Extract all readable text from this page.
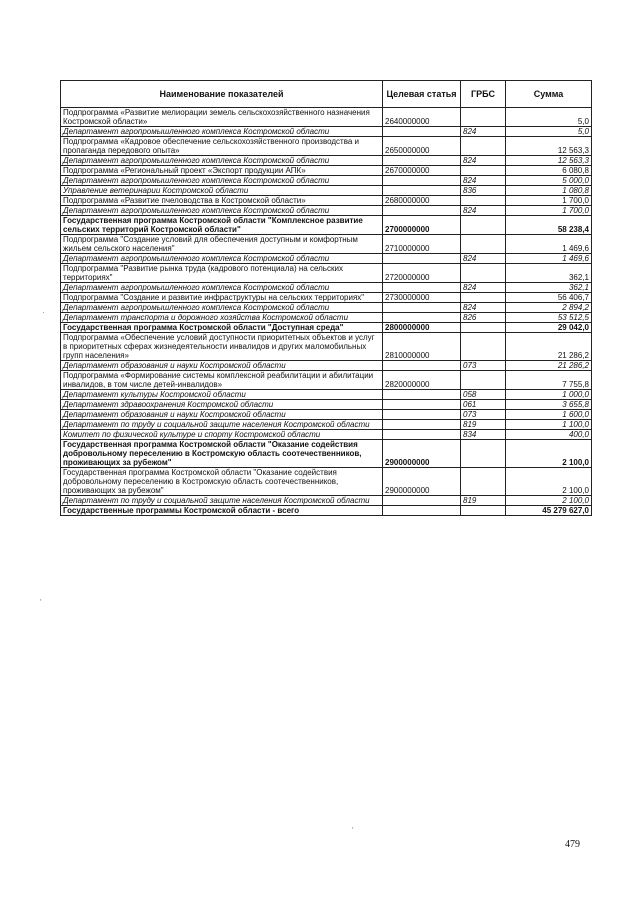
Наименование показателей	Целевая статья	ГРБС	Сумма
Подпрограмма «Развитие мелиорации земель сельскохозяйственного назначения Костромской области»	2640000000		5,0
Департамент агропромышленного комплекса Костромской области		824	5,0
Подпрограмма «Кадровое обеспечение сельскохозяйственного производства и пропаганда передового опыта»	2650000000		12 563,3
Департамент агропромышленного комплекса Костромской области		824	12 563,3
Подпрограмма «Региональный проект «Экспорт продукции АПК»	2670000000		6 080,8
Департамент агропромышленного комплекса Костромской области		824	5 000,0
Управление ветеринарии Костромской области		836	1 080,8
Подпрограмма «Развитие пчеловодства в Костромской области»	2680000000		1 700,0
Департамент агропромышленного комплекса Костромской области		824	1 700,0
Государственная программа Костромской области "Комплексное развитие сельских территорий Костромской области"	2700000000		58 238,4
Подпрограмма "Создание условий для обеспечения доступным и комфортным жильем сельского населения"	2710000000		1 469,6
Департамент агропромышленного комплекса Костромской области		824	1 469,6
Подпрограмма "Развитие рынка труда (кадрового потенциала) на сельских территориях"	2720000000		362,1
Департамент агропромышленного комплекса Костромской области		824	362,1
Подпрограмма "Создание и развитие инфраструктуры на сельских территориях"	2730000000		56 406,7
Департамент агропромышленного комплекса Костромской области		824	2 894,2
Департамент транспорта и дорожного хозяйства Костромской области		826	53 512,5
Государственная программа Костромской области "Доступная среда"	2800000000		29 042,0
Подпрограмма «Обеспечение условий доступности приоритетных объектов и услуг в приоритетных сферах жизнедеятельности инвалидов и других маломобильных групп населения»	2810000000		21 286,2
Департамент образования и науки Костромской области		073	21 286,2
Подпрограмма «Формирование системы комплексной реабилитации и абилитации инвалидов, в том числе детей-инвалидов»	2820000000		7 755,8
Департамент культуры Костромской области		058	1 000,0
Департамент здравоохранения Костромской области		061	3 655,8
Департамент образования и науки Костромской области		073	1 600,0
Департамент по труду и социальной защите населения Костромской области		819	1 100,0
Комитет по физической культуре и спорту Костромской области		834	400,0
Государственная программа Костромской области "Оказание содействия добровольному переселению в Костромскую область соотечественников, проживающих за рубежом"	2900000000		2 100,0
Государственная программа Костромской области "Оказание содействия добровольному переселению в Костромскую область соотечественников, проживающих за рубежом"	2900000000		2 100,0
Департамент по труду и социальной защите населения Костромской области		819	2 100,0
Государственные программы Костромской области - всего			45 279 627,0
·
'
'
479
